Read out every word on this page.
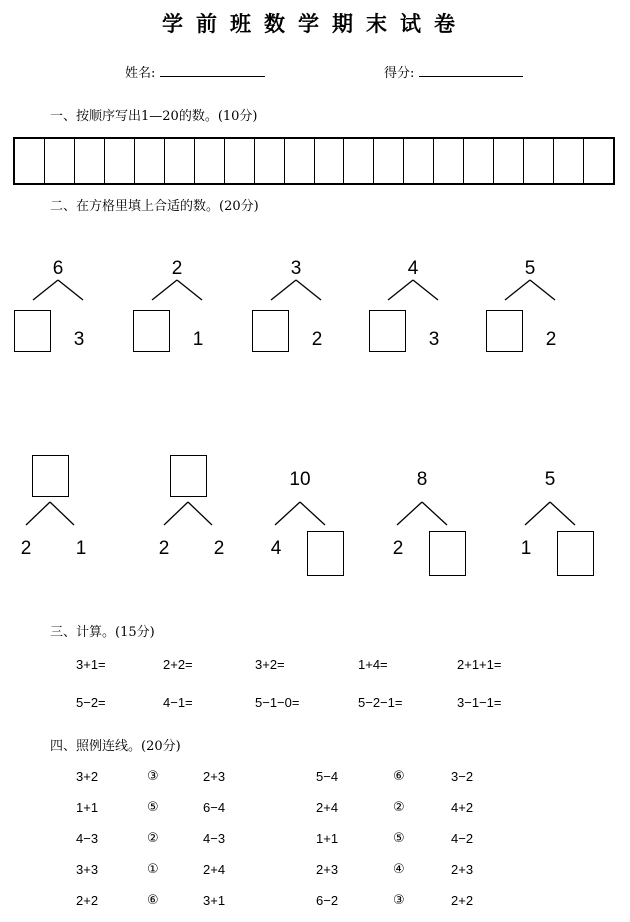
学前班数学期末试卷
姓名:	得分:
一、按顺序写出1—20的数。(10分)
二、在方格里填上合适的数。(20分)
6
3
2
1
3
2
4
3
5
2
2	1	2	2
10
4
8
2
5
1
三、计算。(15分)
3+1=	2+2=	3+2=	1+4=	2+1+1=
5−2=	4−1=	5−1−0=	5−2−1=	3−1−1=
四、照例连线。(20分)
3+2	③	2+3
1+1	⑤	6−4
4−3	②	4−3
3+3	①	2+4
2+2	⑥	3+1
5−4	⑥	3−2
2+4	②	4+2
1+1	⑤	4−2
2+3	④	2+3
6−2	③	2+2
